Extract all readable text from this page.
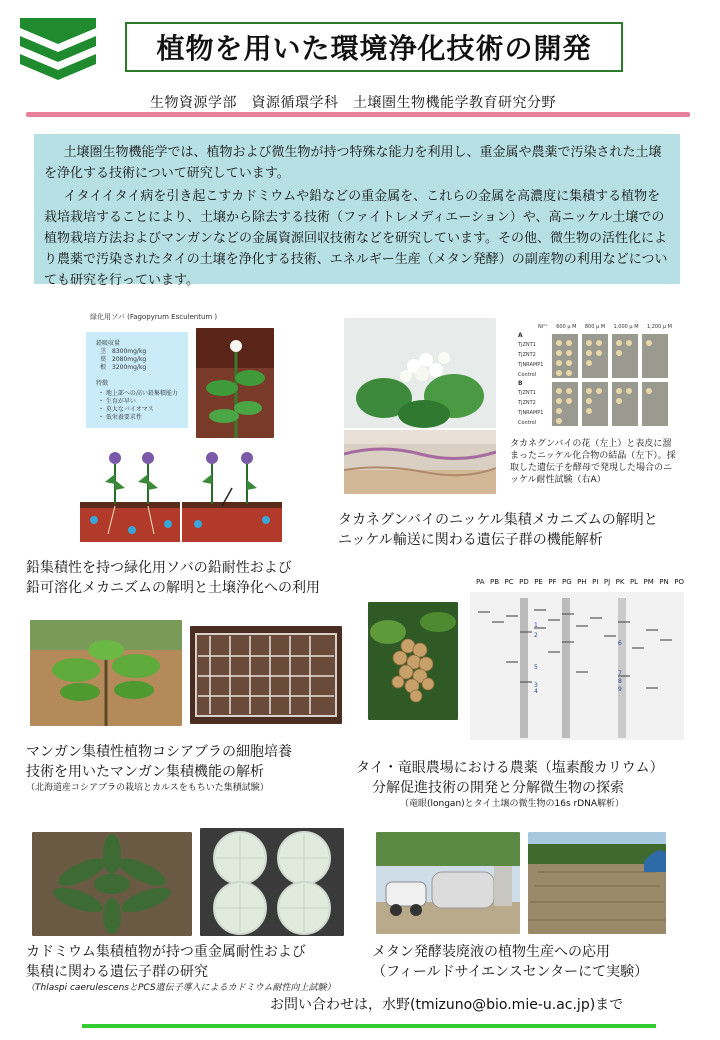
植物を用いた環境浄化技術の開発
生物資源学部　資源循環学科　土壌圏生物機能学教育研究分野

土壌圏生物機能学では、植物および微生物が持つ特殊な能力を利用し、重金属や農薬で汚染された土壌を浄化する技術について研究しています。

イタイイタイ病を引き起こすカドミウムや鉛などの重金属を、これらの金属を高濃度に集積する植物を栽培栽培することにより、土壌から除去する技術（ファイトレメディエーション）や、高ニッケル土壌での植物栽培方法およびマンガンなどの金属資源回収技術などを研究しています。その他、微生物の活性化により農薬で汚染されたタイの土壌を浄化する技術、エネルギー生産（メタン発酵）の副産物の利用などについても研究を行っています。

緑化用ソバ (Fagopyrum Esculentum )
鉛吸収量
茎　8300mg/kg
葉　2080mg/kg
根　3200mg/kg
特徴
・ 地上部への高い鉛集積能力
・ 生育が早い
・ 莫大なバイオマス
・ 低栄養要求性
鉛集積性を持つ緑化用ソバの鉛耐性および
鉛可溶化メカニズムの解明と土壌浄化への利用
Ni²⁺ 600 μ M 800 μ M 1,000 μ M 1,200 μ M
A
TjZNT1
TjZNT2
TjNRAMP1
Control
B
TjZNT1
TjZNT2
TjNRAMP1
Control
タカネグンバイの花（左上）と表皮に溜まったニッケル化合物の結晶（左下）。採取した遺伝子を酵母で発現した場合のニッケル耐性試験（右A）
タカネグンバイのニッケル集積メカニズムの解明と
ニッケル輸送に関わる遺伝子群の機能解析
マンガン集積性植物コシアブラの細胞培養
技術を用いたマンガン集積機能の解析
（北海道産コシアブラの栽培とカルスをもちいた集積試験）
PA PB PC PD PE PF PG PH PI PJ PK PL PM PN PO
1
2
3
4
5
6
7
8
9
タイ・竜眼農場における農薬（塩素酸カリウム）
分解促進技術の開発と分解微生物の探索
（竜眼(longan)とタイ土壌の微生物の16s rDNA解析）
カドミウム集積植物が持つ重金属耐性および
集積に関わる遺伝子群の研究
（Thlaspi caerulescensとPCS遺伝子導入によるカドミウム耐性向上試験）
メタン発酵装廃液の植物生産への応用
（フィールドサイエンスセンターにて実験）
お問い合わせは，水野(tmizuno@bio.mie-u.ac.jp)まで
